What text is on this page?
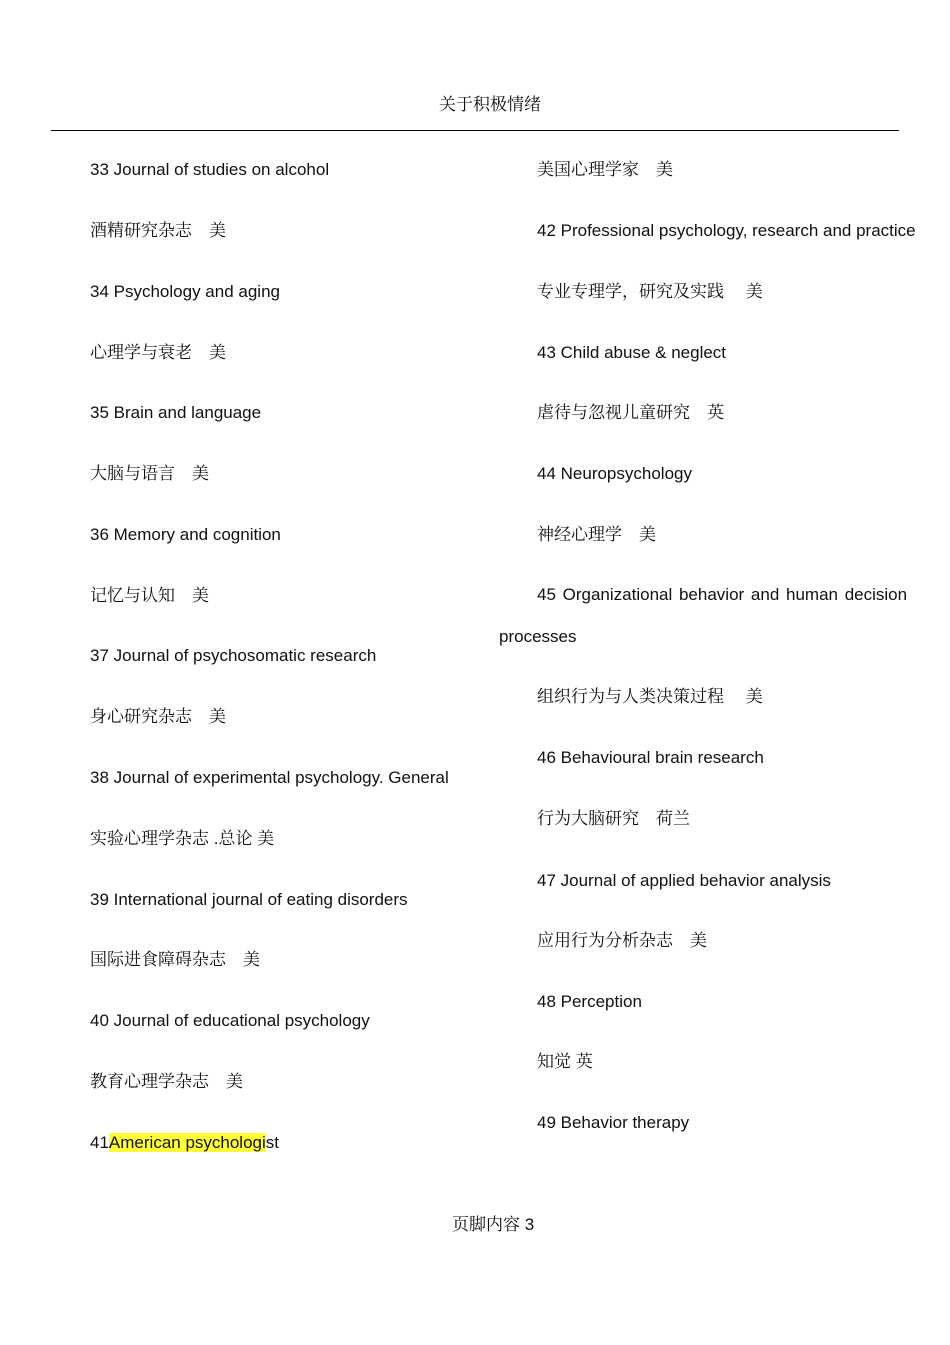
关于积极情绪
33 Journal of studies on alcohol
酒精研究杂志　美
34 Psychology and aging
心理学与衰老　美
35 Brain and language
大脑与语言　美
36 Memory and cognition
记忆与认知　美
37 Journal of psychosomatic research
身心研究杂志　美
38 Journal of experimental psychology. General
实验心理学杂志 .总论 美
39 International journal of eating disorders
国际进食障碍杂志　美
40 Journal of educational psychology
教育心理学杂志　美
41American psychologist
美国心理学家　美
42 Professional psychology, research and practice
专业专理学，研究及实践　 美
43 Child abuse & neglect
虐待与忽视儿童研究　英
44 Neuropsychology
神经心理学　美
45 Organizational behavior and human decision
processes
组织行为与人类决策过程　 美
46 Behavioural brain research
行为大脑研究　荷兰
47 Journal of applied behavior analysis
应用行为分析杂志　美
48 Perception
知觉 英
49 Behavior therapy
页脚内容 3
